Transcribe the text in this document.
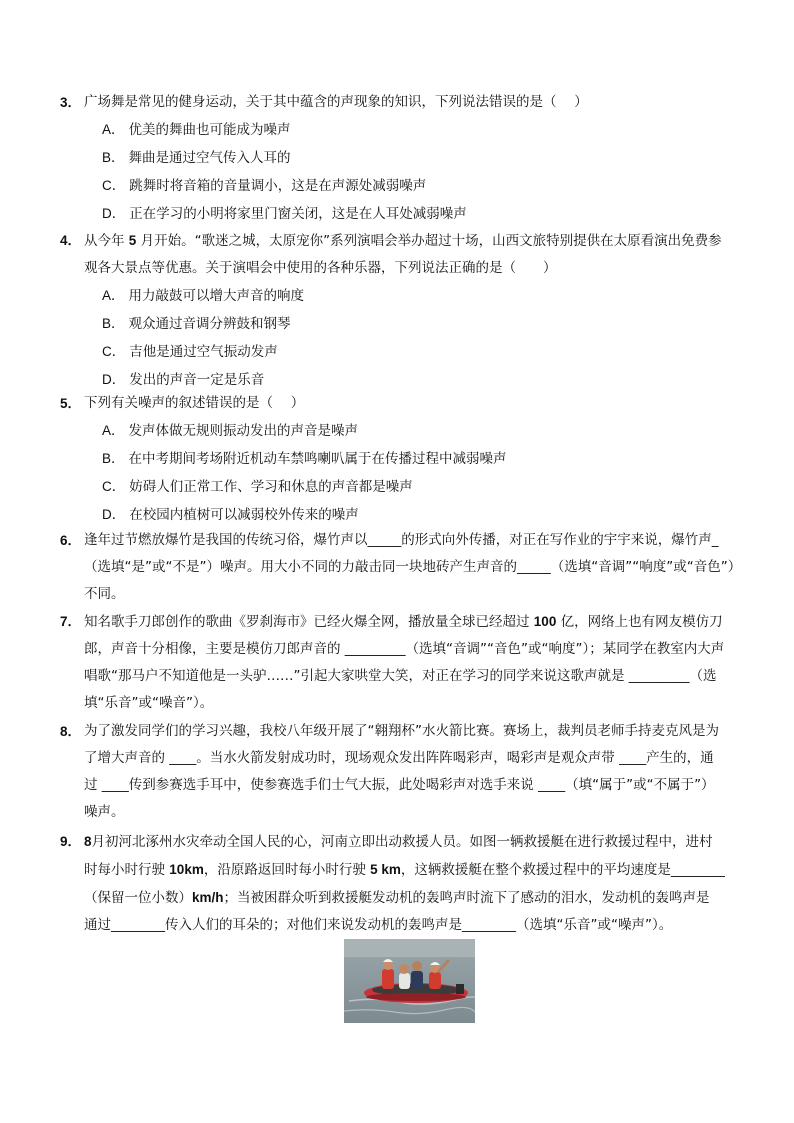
3． 广场舞是常见的健身运动，关于其中蕴含的声现象的知识，下列说法错误的是（　 ）
A． 优美的舞曲也可能成为噪声
B． 舞曲是通过空气传入人耳的
C． 跳舞时将音箱的音量调小，这是在声源处减弱噪声
D． 正在学习的小明将家里门窗关闭，这是在人耳处减弱噪声
4． 从今年 5 月开始。“歌迷之城，太原宠你”系列演唱会举办超过十场，山西文旅特别提供在太原看演出免费参
观各大景点等优惠。关于演唱会中使用的各种乐器，下列说法正确的是（　　）
A． 用力敲鼓可以增大声音的响度
B． 观众通过音调分辨鼓和钢琴
C． 吉他是通过空气振动发声
D． 发出的声音一定是乐音
5． 下列有关噪声的叙述错误的是（　 ）
A． 发声体做无规则振动发出的声音是噪声
B． 在中考期间考场附近机动车禁鸣喇叭属于在传播过程中减弱噪声
C． 妨碍人们正常工作、学习和休息的声音都是噪声
D． 在校园内植树可以减弱校外传来的噪声
6． 逢年过节燃放爆竹是我国的传统习俗，爆竹声以_____的形式向外传播，对正在写作业的宇宇来说，爆竹声_
（选填“是”或“不是”）噪声。用大小不同的力敲击同一块地砖产生声音的_____（选填“音调”“响度”或“音色”）
不同。
7． 知名歌手刀郎创作的歌曲《罗刹海市》已经火爆全网，播放量全球已经超过 100 亿，网络上也有网友模仿刀
郎，声音十分相像，主要是模仿刀郎声音的 _________（选填“音调”“音色”或“响度”）；某同学在教室内大声
唱歌“那马户不知道他是一头驴……”引起大家哄堂大笑，对正在学习的同学来说这歌声就是 _________（选
填“乐音”或“噪音”）。
8． 为了激发同学们的学习兴趣，我校八年级开展了“翱翔杯”水火箭比赛。赛场上，裁判员老师手持麦克风是为
了增大声音的 ____。当水火箭发射成功时，现场观众发出阵阵喝彩声，喝彩声是观众声带 ____产生的，通
过 ____传到参赛选手耳中，使参赛选手们士气大振，此处喝彩声对选手来说 ____（填“属于”或“不属于”）
噪声。
9． 8月初河北涿州水灾牵动全国人民的心，河南立即出动救援人员。如图一辆救援艇在进行救援过程中，进村
时每小时行驶 10km，沿原路返回时每小时行驶 5 km，这辆救援艇在整个救援过程中的平均速度是________
（保留一位小数）km/h；当被困群众听到救援艇发动机的轰鸣声时流下了感动的泪水，发动机的轰鸣声是
通过________传入人们的耳朵的；对他们来说发动机的轰鸣声是________（选填“乐音”或“噪声”）。
